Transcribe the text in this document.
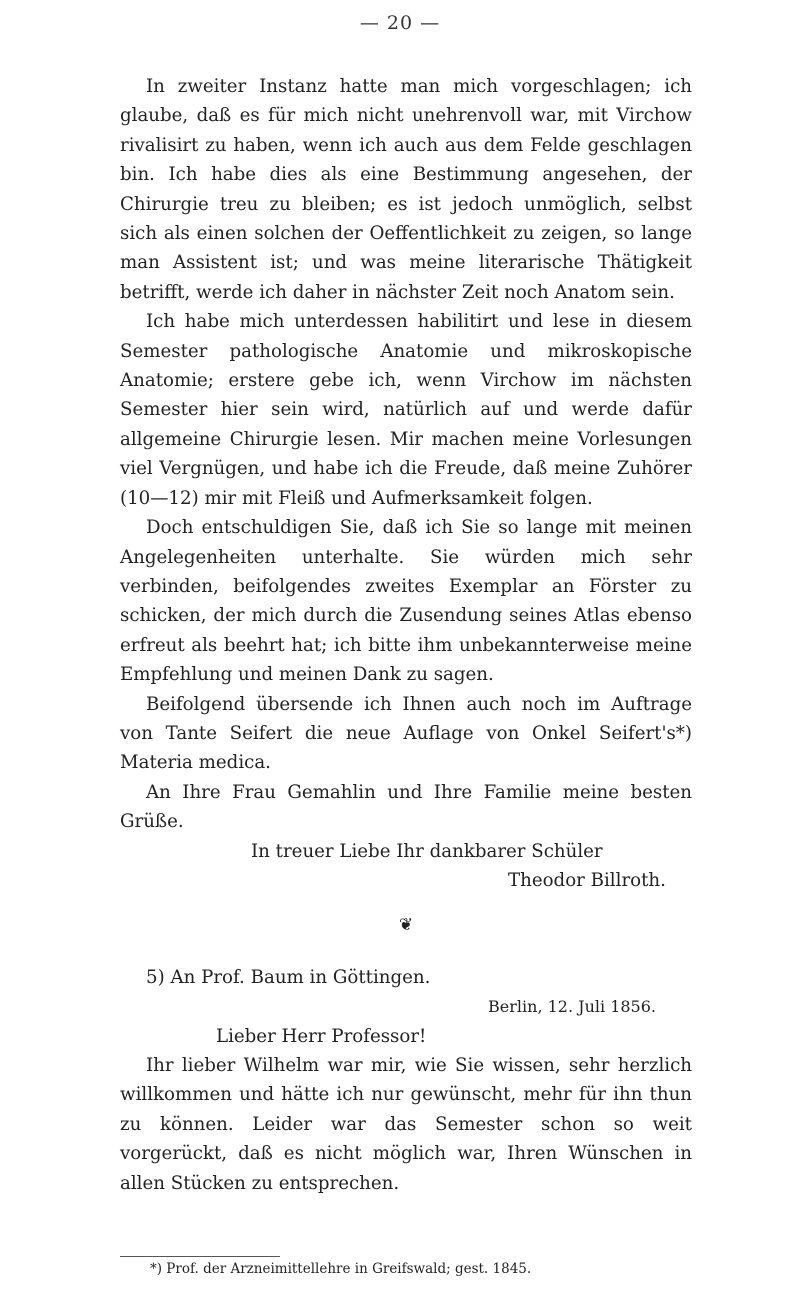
— 20 —

In zweiter Instanz hatte man mich vorgeschlagen; ich glaube, daß es für mich nicht unehrenvoll war, mit Virchow rivalisirt zu haben, wenn ich auch aus dem Felde geschlagen bin. Ich habe dies als eine Bestimmung angesehen, der Chirurgie treu zu bleiben; es ist jedoch unmöglich, selbst sich als einen solchen der Oeffentlichkeit zu zeigen, so lange man Assistent ist; und was meine literarische Thätigkeit betrifft, werde ich daher in nächster Zeit noch Anatom sein.

Ich habe mich unterdessen habilitirt und lese in diesem Semester pathologische Anatomie und mikroskopische Anatomie; erstere gebe ich, wenn Virchow im nächsten Semester hier sein wird, natürlich auf und werde dafür allgemeine Chirurgie lesen. Mir machen meine Vorlesungen viel Vergnügen, und habe ich die Freude, daß meine Zuhörer (10—12) mir mit Fleiß und Aufmerksamkeit folgen.

Doch entschuldigen Sie, daß ich Sie so lange mit meinen Angelegenheiten unterhalte. Sie würden mich sehr verbinden, beifolgendes zweites Exemplar an Förster zu schicken, der mich durch die Zusendung seines Atlas ebenso erfreut als beehrt hat; ich bitte ihm unbekannterweise meine Empfehlung und meinen Dank zu sagen.

Beifolgend übersende ich Ihnen auch noch im Auftrage von Tante Seifert die neue Auflage von Onkel Seifert's*) Materia medica.

An Ihre Frau Gemahlin und Ihre Familie meine besten Grüße.

In treuer Liebe Ihr dankbarer Schüler

Theodor Billroth.

❦

5) An Prof. Baum in Göttingen.

Berlin, 12. Juli 1856.

Lieber Herr Professor!

Ihr lieber Wilhelm war mir, wie Sie wissen, sehr herzlich willkommen und hätte ich nur gewünscht, mehr für ihn thun zu können. Leider war das Semester schon so weit vorgerückt, daß es nicht möglich war, Ihren Wünschen in allen Stücken zu entsprechen.

*) Prof. der Arzneimittellehre in Greifswald; gest. 1845.
